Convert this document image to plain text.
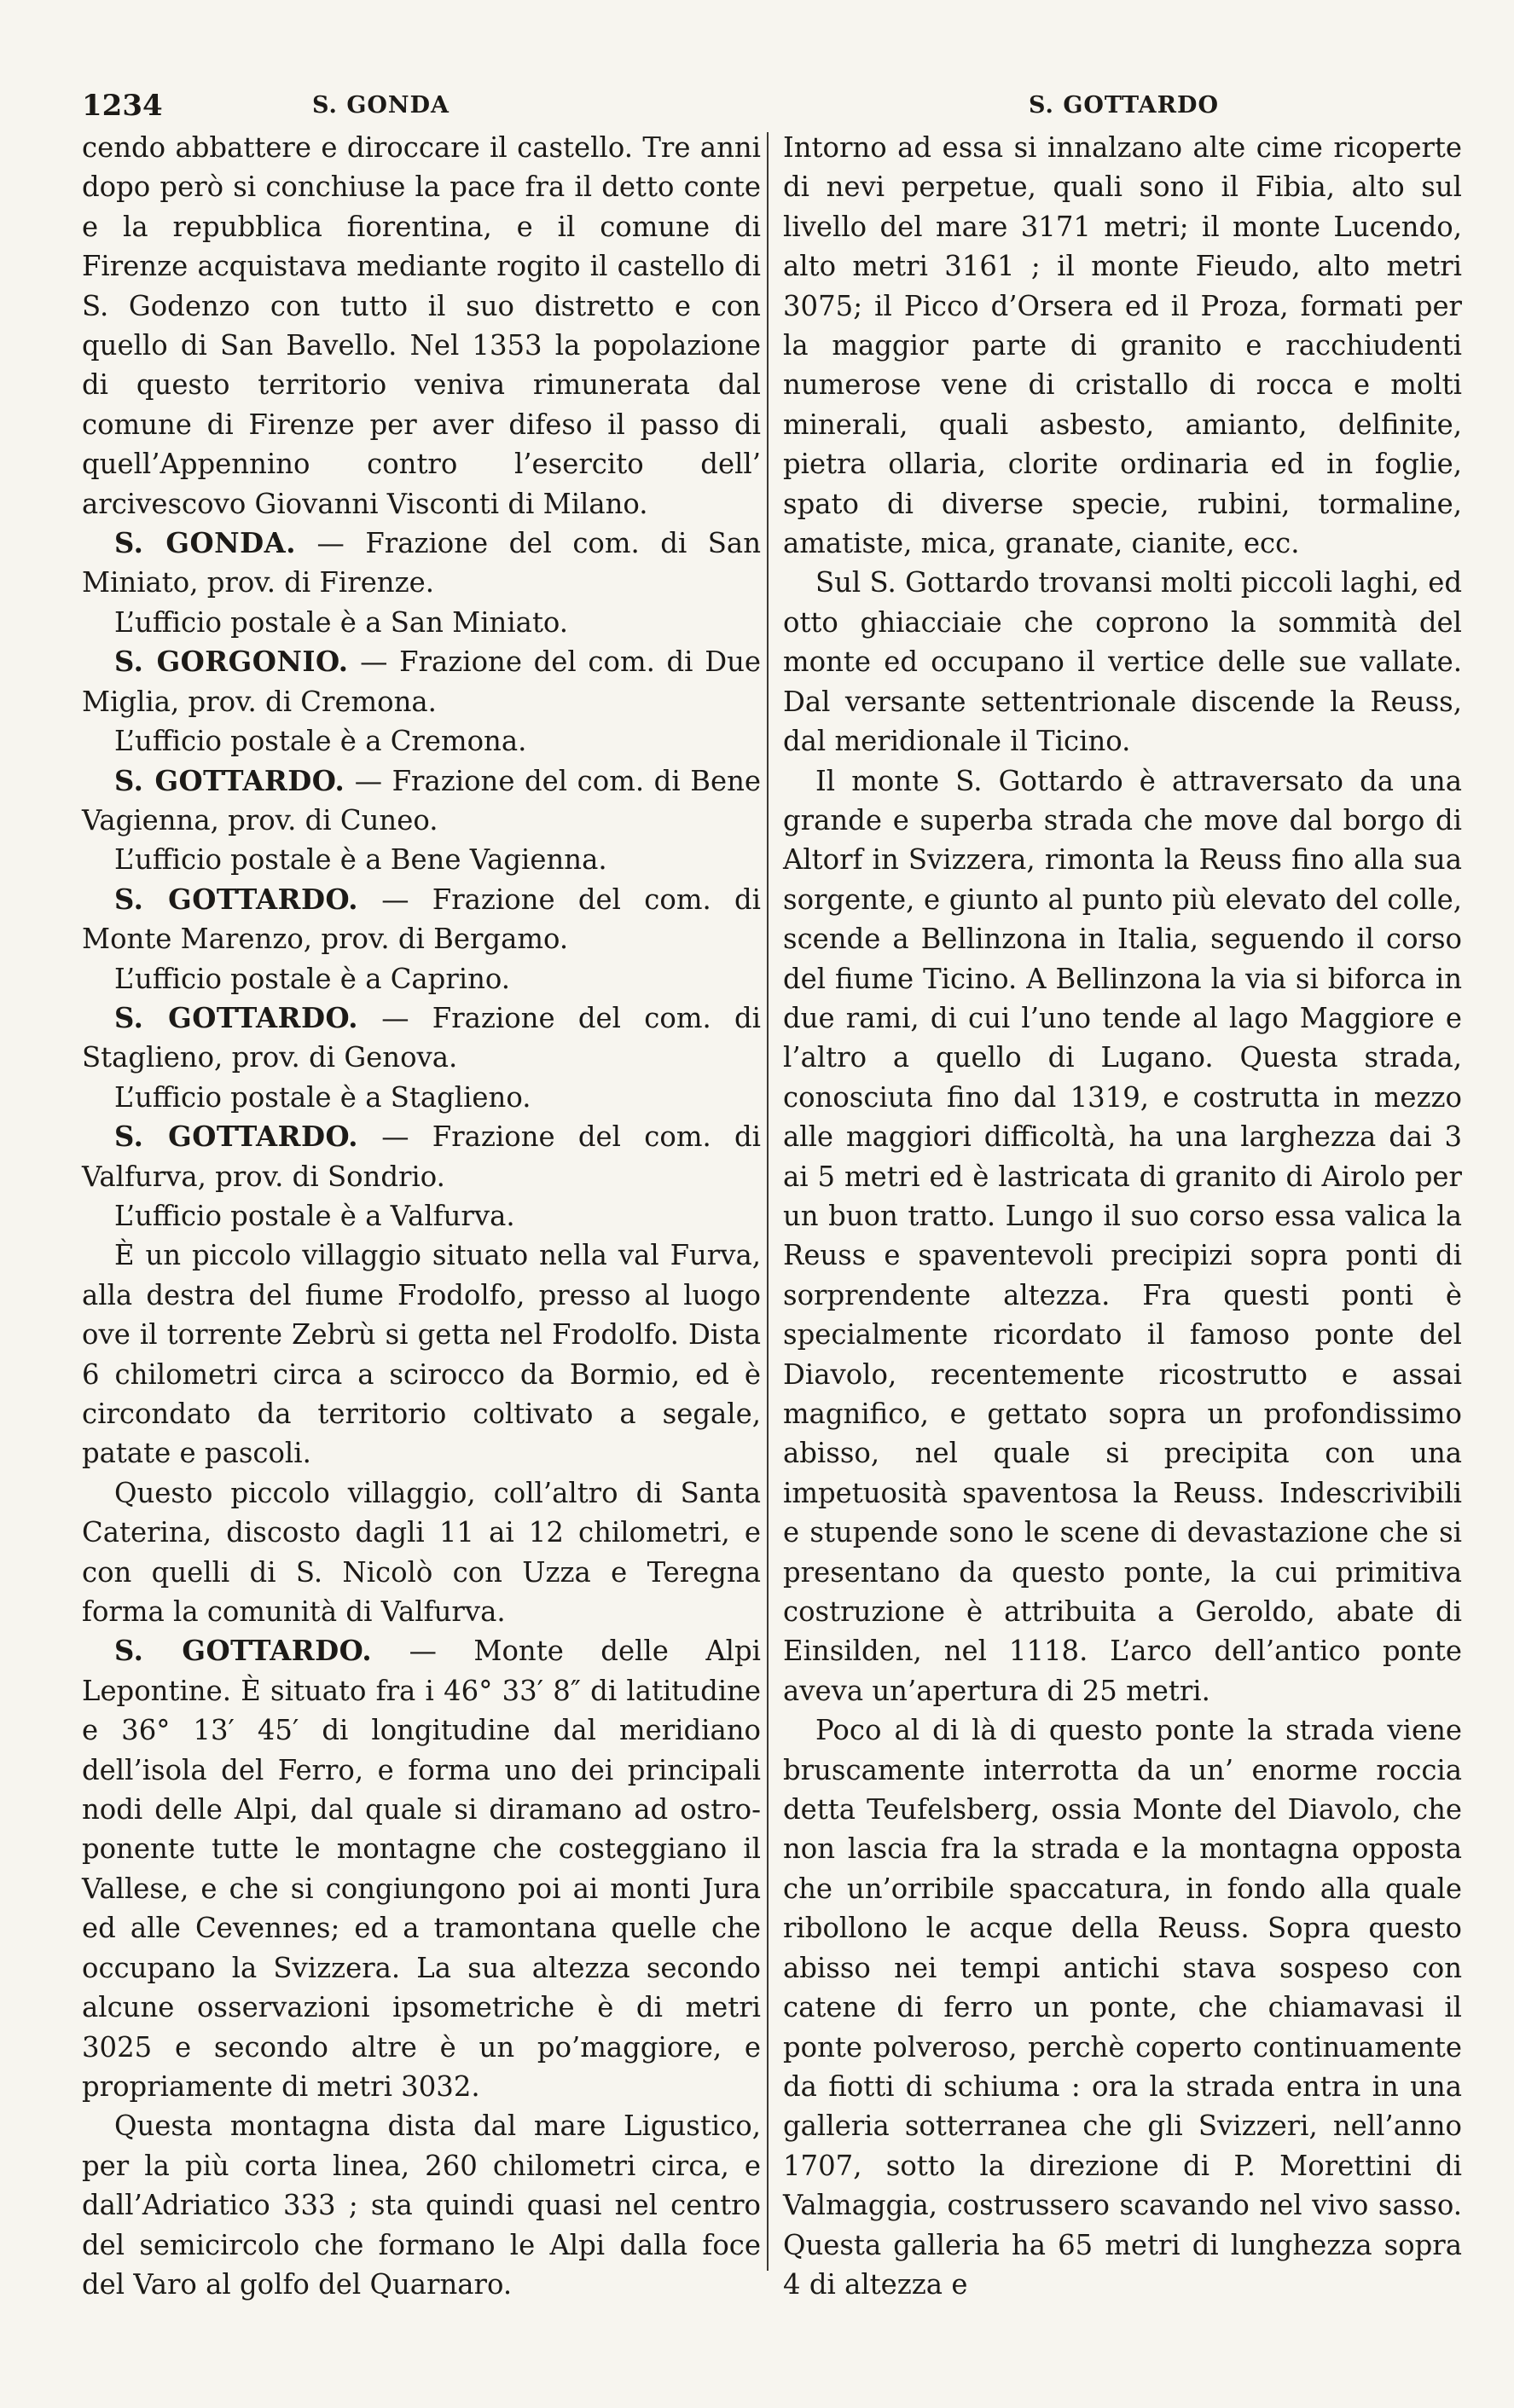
1234	S. GONDA	S. GOTTARDO

cendo abbattere e diroccare il castello. Tre anni dopo però si conchiuse la pace fra il detto conte e la repubblica fiorentina, e il comune di Firenze acquistava mediante rogito il castello di S. Godenzo con tutto il suo distretto e con quello di San Bavello. Nel 1353 la popolazione di questo territorio veniva rimunerata dal comune di Firenze per aver difeso il passo di quell’Appennino contro l’esercito dell’ arcivescovo Giovanni Visconti di Milano.

S. GONDA. — Frazione del com. di San Miniato, prov. di Firenze.

L’ufficio postale è a San Miniato.

S. GORGONIO. — Frazione del com. di Due Miglia, prov. di Cremona.

L’ufficio postale è a Cremona.

S. GOTTARDO. — Frazione del com. di Bene Vagienna, prov. di Cuneo.

L’ufficio postale è a Bene Vagienna.

S. GOTTARDO. — Frazione del com. di Monte Marenzo, prov. di Bergamo.

L’ufficio postale è a Caprino.

S. GOTTARDO. — Frazione del com. di Staglieno, prov. di Genova.

L’ufficio postale è a Staglieno.

S. GOTTARDO. — Frazione del com. di Valfurva, prov. di Sondrio.

L’ufficio postale è a Valfurva.

È un piccolo villaggio situato nella val Furva, alla destra del fiume Frodolfo, presso al luogo ove il torrente Zebrù si getta nel Frodolfo. Dista 6 chilometri circa a scirocco da Bormio, ed è circondato da territorio coltivato a segale, patate e pascoli.

Questo piccolo villaggio, coll’altro di Santa Caterina, discosto dagli 11 ai 12 chilometri, e con quelli di S. Nicolò con Uzza e Teregna forma la comunità di Valfurva.

S. GOTTARDO. — Monte delle Alpi Lepontine. È situato fra i 46° 33′ 8″ di latitudine e 36° 13′ 45′ di longitudine dal meridiano dell’isola del Ferro, e forma uno dei principali nodi delle Alpi, dal quale si diramano ad ostro-ponente tutte le montagne che costeggiano il Vallese, e che si congiungono poi ai monti Jura ed alle Cevennes; ed a tramontana quelle che occupano la Svizzera. La sua altezza secondo alcune osservazioni ipsometriche è di metri 3025 e secondo altre è un po’maggiore, e propriamente di metri 3032.

Questa montagna dista dal mare Ligustico, per la più corta linea, 260 chilometri circa, e dall’Adriatico 333 ; sta quindi quasi nel centro del semicircolo che formano le Alpi dalla foce del Varo al golfo del Quarnaro.

Intorno ad essa si innalzano alte cime ricoperte di nevi perpetue, quali sono il Fibia, alto sul livello del mare 3171 metri; il monte Lucendo, alto metri 3161 ; il monte Fieudo, alto metri 3075; il Picco d’Orsera ed il Proza, formati per la maggior parte di granito e racchiudenti numerose vene di cristallo di rocca e molti minerali, quali asbesto, amianto, delfinite, pietra ollaria, clorite ordinaria ed in foglie, spato di diverse specie, rubini, tormaline, amatiste, mica, granate, cianite, ecc.

Sul S. Gottardo trovansi molti piccoli laghi, ed otto ghiacciaie che coprono la sommità del monte ed occupano il vertice delle sue vallate. Dal versante settentrionale discende la Reuss, dal meridionale il Ticino.

Il monte S. Gottardo è attraversato da una grande e superba strada che move dal borgo di Altorf in Svizzera, rimonta la Reuss fino alla sua sorgente, e giunto al punto più elevato del colle, scende a Bellinzona in Italia, seguendo il corso del fiume Ticino. A Bellinzona la via si biforca in due rami, di cui l’uno tende al lago Maggiore e l’altro a quello di Lugano. Questa strada, conosciuta fino dal 1319, e costrutta in mezzo alle maggiori difficoltà, ha una larghezza dai 3 ai 5 metri ed è lastricata di granito di Airolo per un buon tratto. Lungo il suo corso essa valica la Reuss e spaventevoli precipizi sopra ponti di sorprendente altezza. Fra questi ponti è specialmente ricordato il famoso ponte del Diavolo, recentemente ricostrutto e assai magnifico, e gettato sopra un profondissimo abisso, nel quale si precipita con una impetuosità spaventosa la Reuss. Indescrivibili e stupende sono le scene di devastazione che si presentano da questo ponte, la cui primitiva costruzione è attribuita a Geroldo, abate di Einsilden, nel 1118. L’arco dell’antico ponte aveva un’apertura di 25 metri.

Poco al di là di questo ponte la strada viene bruscamente interrotta da un’ enorme roccia detta Teufelsberg, ossia Monte del Diavolo, che non lascia fra la strada e la montagna opposta che un’orribile spaccatura, in fondo alla quale ribollono le acque della Reuss. Sopra questo abisso nei tempi antichi stava sospeso con catene di ferro un ponte, che chiamavasi il ponte polveroso, perchè coperto continuamente da fiotti di schiuma : ora la strada entra in una galleria sotterranea che gli Svizzeri, nell’anno 1707, sotto la direzione di P. Morettini di Valmaggia, costrussero scavando nel vivo sasso. Questa galleria ha 65 metri di lunghezza sopra 4 di altezza e
